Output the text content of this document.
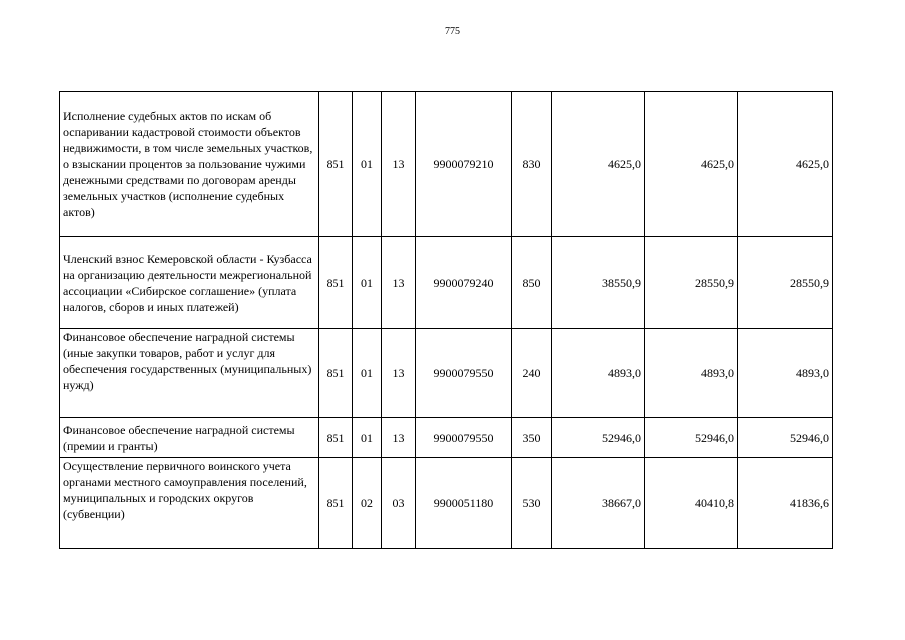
775
Исполнение судебных актов по искам об оспаривании кадастровой стоимости объектов недвижимости, в том числе земельных участков, о взыскании процентов за пользование чужими денежными средствами по договорам аренды земельных участков (исполнение судебных актов)	851	01	13	9900079210	830	4625,0	4625,0	4625,0
Членский взнос Кемеровской области - Кузбасса на организацию деятельности межрегиональной ассоциации «Сибирское соглашение» (уплата налогов, сборов и иных платежей)	851	01	13	9900079240	850	38550,9	28550,9	28550,9
Финансовое обеспечение наградной системы (иные закупки товаров, работ и услуг для обеспечения государственных (муниципальных) нужд)	851	01	13	9900079550	240	4893,0	4893,0	4893,0
Финансовое обеспечение наградной системы (премии и гранты)	851	01	13	9900079550	350	52946,0	52946,0	52946,0
Осуществление первичного воинского учета органами местного самоуправления поселений, муниципальных и городских округов (субвенции)	851	02	03	9900051180	530	38667,0	40410,8	41836,6
